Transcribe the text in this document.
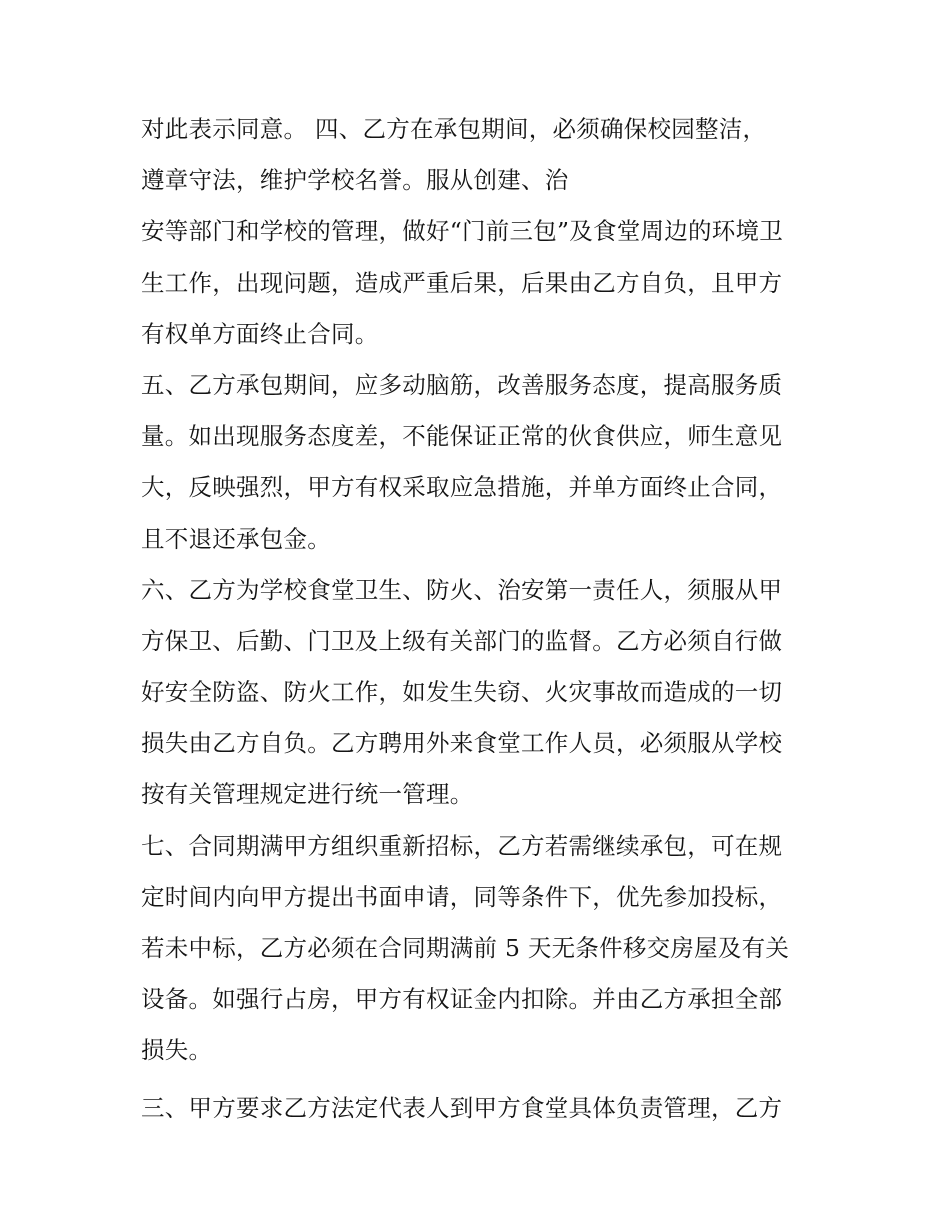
对此表示同意。 四、乙方在承包期间，必须确保校园整洁，
遵章守法，维护学校名誉。服从创建、治
安等部门和学校的管理，做好“门前三包”及食堂周边的环境卫
生工作，出现问题，造成严重后果，后果由乙方自负，且甲方
有权单方面终止合同。
五、乙方承包期间，应多动脑筋，改善服务态度，提高服务质
量。如出现服务态度差，不能保证正常的伙食供应，师生意见
大，反映强烈，甲方有权采取应急措施，并单方面终止合同，
且不退还承包金。
六、乙方为学校食堂卫生、防火、治安第一责任人，须服从甲
方保卫、后勤、门卫及上级有关部门的监督。乙方必须自行做
好安全防盗、防火工作，如发生失窃、火灾事故而造成的一切
损失由乙方自负。乙方聘用外来食堂工作人员，必须服从学校
按有关管理规定进行统一管理。
七、合同期满甲方组织重新招标，乙方若需继续承包，可在规
定时间内向甲方提出书面申请，同等条件下，优先参加投标，
若未中标，乙方必须在合同期满前 5 天无条件移交房屋及有关
设备。如强行占房，甲方有权证金内扣除。并由乙方承担全部
损失。
三、甲方要求乙方法定代表人到甲方食堂具体负责管理，乙方
